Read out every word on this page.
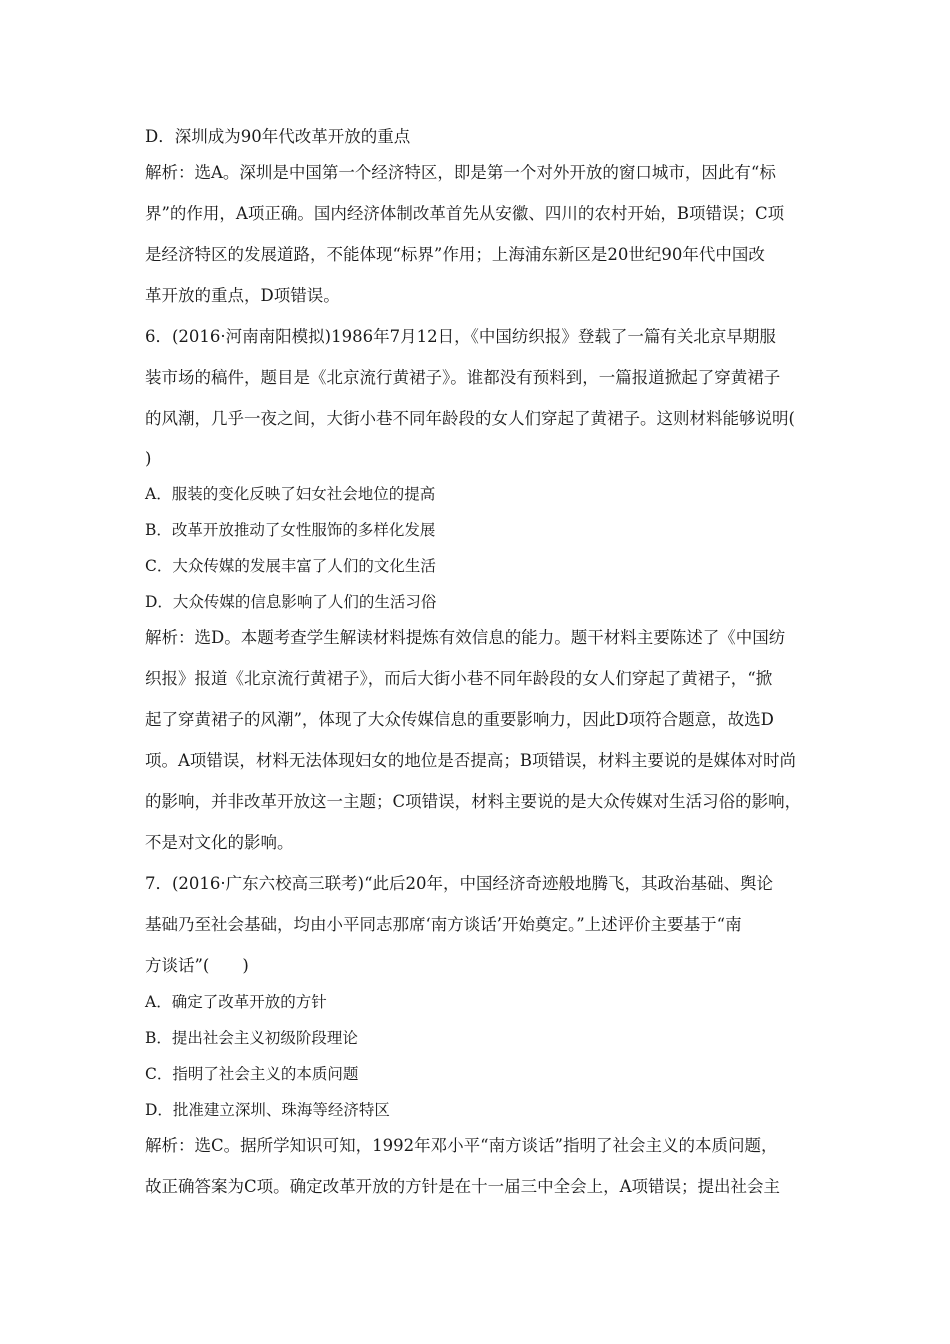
D．深圳成为90年代改革开放的重点
解析：选A。深圳是中国第一个经济特区，即是第一个对外开放的窗口城市，因此有“标
界”的作用，A项正确。国内经济体制改革首先从安徽、四川的农村开始，B项错误；C项
是经济特区的发展道路，不能体现“标界”作用；上海浦东新区是20世纪90年代中国改
革开放的重点，D项错误。
6．(2016·河南南阳模拟)1986年7月12日，《中国纺织报》登载了一篇有关北京早期服
装市场的稿件，题目是《北京流行黄裙子》。谁都没有预料到，一篇报道掀起了穿黄裙子
的风潮，几乎一夜之间，大街小巷不同年龄段的女人们穿起了黄裙子。这则材料能够说明(
)
A．服装的变化反映了妇女社会地位的提高
B．改革开放推动了女性服饰的多样化发展
C．大众传媒的发展丰富了人们的文化生活
D．大众传媒的信息影响了人们的生活习俗
解析：选D。本题考查学生解读材料提炼有效信息的能力。题干材料主要陈述了《中国纺
织报》报道《北京流行黄裙子》，而后大街小巷不同年龄段的女人们穿起了黄裙子，“掀
起了穿黄裙子的风潮”，体现了大众传媒信息的重要影响力，因此D项符合题意，故选D
项。A项错误，材料无法体现妇女的地位是否提高；B项错误，材料主要说的是媒体对时尚
的影响，并非改革开放这一主题；C项错误，材料主要说的是大众传媒对生活习俗的影响，
不是对文化的影响。
7．(2016·广东六校高三联考)“此后20年，中国经济奇迹般地腾飞，其政治基础、舆论
基础乃至社会基础，均由小平同志那席‘南方谈话’开始奠定。”上述评价主要基于“南
方谈话”(　　)
A．确定了改革开放的方针
B．提出社会主义初级阶段理论
C．指明了社会主义的本质问题
D．批准建立深圳、珠海等经济特区
解析：选C。据所学知识可知，1992年邓小平“南方谈话”指明了社会主义的本质问题，
故正确答案为C项。确定改革开放的方针是在十一届三中全会上，A项错误；提出社会主
